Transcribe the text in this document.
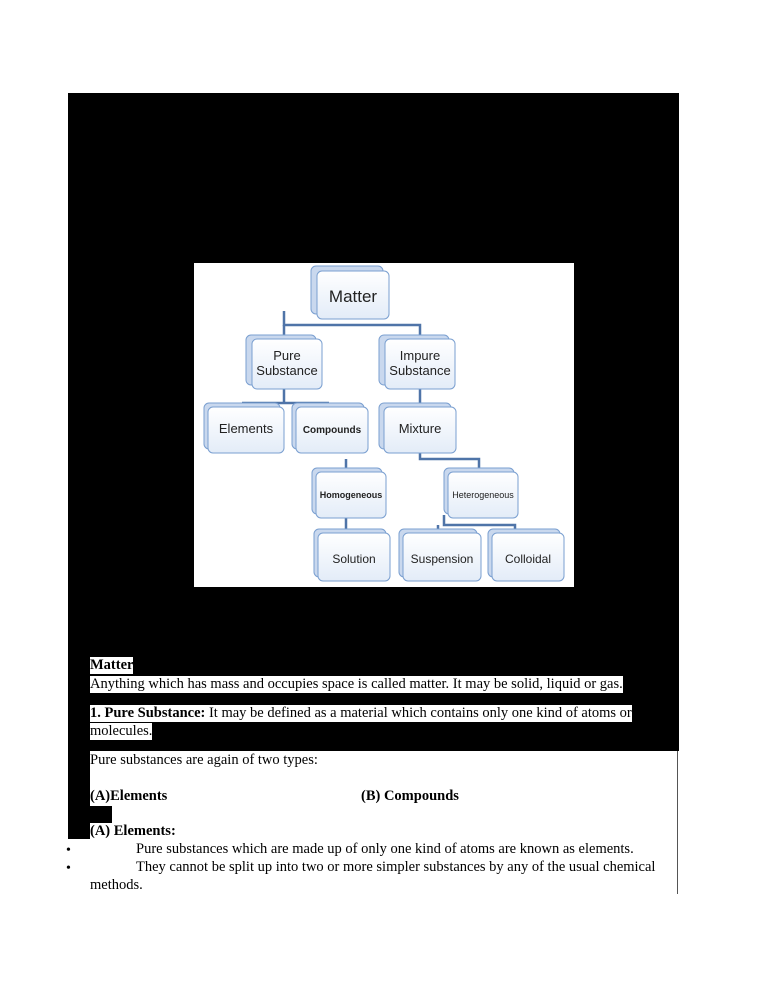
Matter
Pure
Substance
Impure
Substance
Elements	Compounds	Mixture
Homogeneous	Heterogeneous
Solution	Suspension	Colloidal
Matter
Anything which has mass and occupies space is called matter. It may be solid, liquid or gas.
1. Pure Substance: It may be defined as a material which contains only one kind of atoms or
molecules.
Pure substances are again of two types:
(A)Elements	(B) Compounds
(A) Elements:
•	Pure substances which are made up of only one kind of atoms are known as elements.
•	They cannot be split up into two or more simpler substances by any of the usual chemical
methods.
